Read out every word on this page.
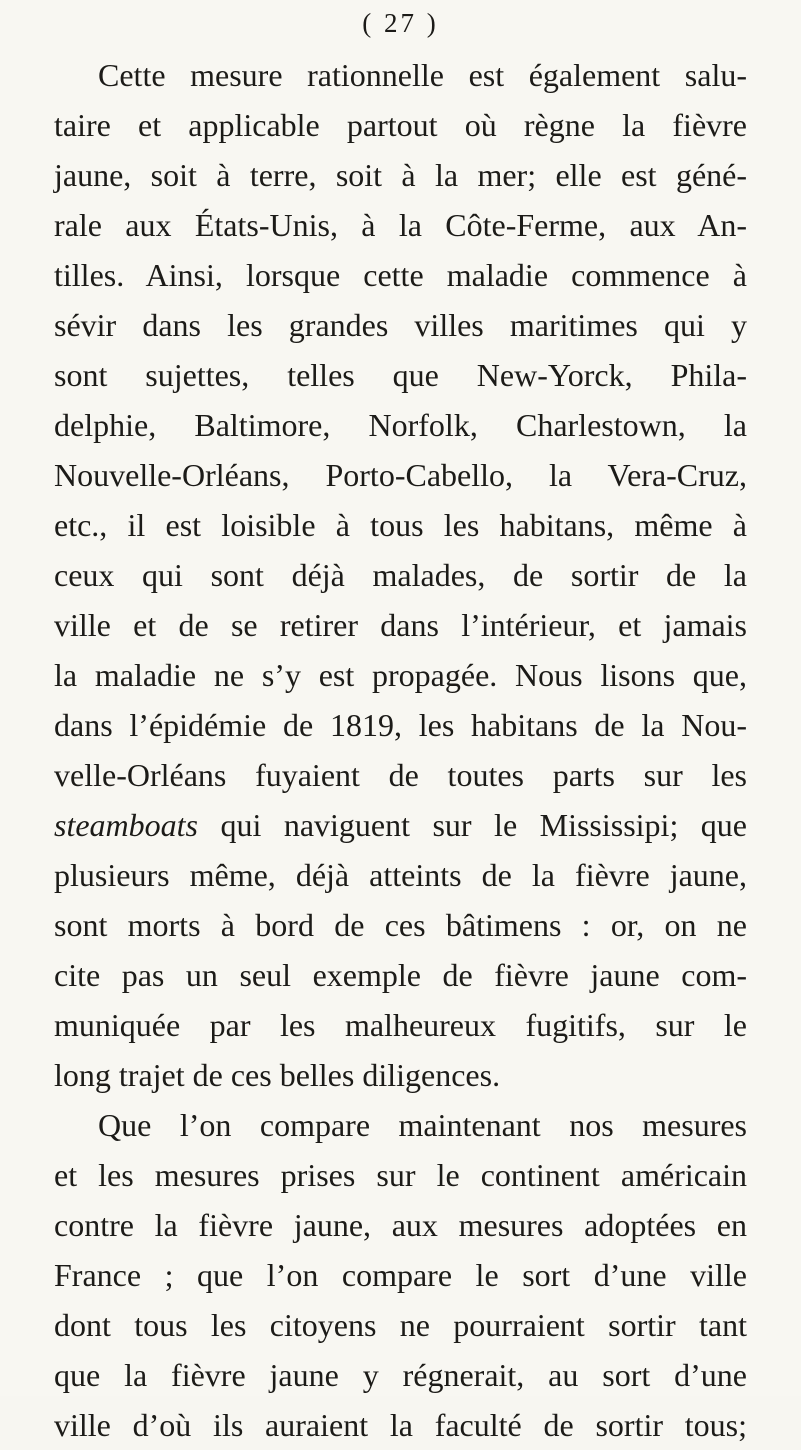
( 27 )
Cette mesure rationnelle est également salu-
taire et applicable partout où règne la fièvre
jaune, soit à terre, soit à la mer; elle est géné-
rale aux États-Unis, à la Côte-Ferme, aux An-
tilles. Ainsi, lorsque cette maladie commence à
sévir dans les grandes villes maritimes qui y
sont sujettes, telles que New-Yorck, Phila-
delphie, Baltimore, Norfolk, Charlestown, la
Nouvelle-Orléans, Porto-Cabello, la Vera-Cruz,
etc., il est loisible à tous les habitans, même à
ceux qui sont déjà malades, de sortir de la
ville et de se retirer dans l’intérieur, et jamais
la maladie ne s’y est propagée. Nous lisons que,
dans l’épidémie de 1819, les habitans de la Nou-
velle-Orléans fuyaient de toutes parts sur les
steamboats qui naviguent sur le Mississipi; que
plusieurs même, déjà atteints de la fièvre jaune,
sont morts à bord de ces bâtimens : or, on ne
cite pas un seul exemple de fièvre jaune com-
muniquée par les malheureux fugitifs, sur le
long trajet de ces belles diligences.
Que l’on compare maintenant nos mesures
et les mesures prises sur le continent américain
contre la fièvre jaune, aux mesures adoptées en
France ; que l’on compare le sort d’une ville
dont tous les citoyens ne pourraient sortir tant
que la fièvre jaune y régnerait, au sort d’une
ville d’où ils auraient la faculté de sortir tous;
